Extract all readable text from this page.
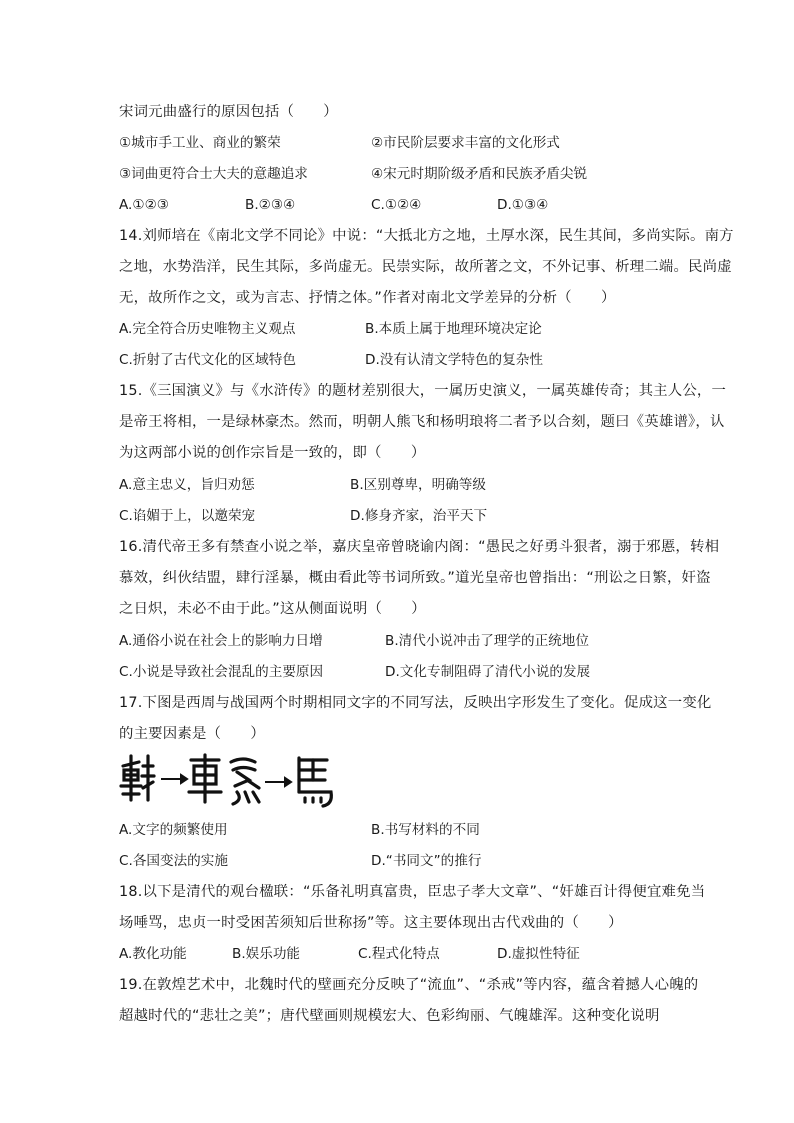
宋词元曲盛行的原因包括（　　）
①城市手工业、商业的繁荣	②市民阶层要求丰富的文化形式
③词曲更符合士大夫的意趣追求	④宋元时期阶级矛盾和民族矛盾尖锐
A.①②③	B.②③④	C.①②④	D.①③④
14.刘师培在《南北文学不同论》中说：“大抵北方之地，土厚水深，民生其间，多尚实际。南方
之地，水势浩洋，民生其际，多尚虚无。民崇实际，故所著之文，不外记事、析理二端。民尚虚
无，故所作之文，或为言志、抒情之体。”作者对南北文学差异的分析（　　）
A.完全符合历史唯物主义观点	B.本质上属于地理环境决定论
C.折射了古代文化的区域特色	D.没有认清文学特色的复杂性
15.《三国演义》与《水浒传》的题材差别很大，一属历史演义，一属英雄传奇；其主人公，一
是帝王将相，一是绿林豪杰。然而，明朝人熊飞和杨明琅将二者予以合刻，题曰《英雄谱》，认
为这两部小说的创作宗旨是一致的，即（　　）
A.意主忠义，旨归劝惩	B.区别尊卑，明确等级
C.谄媚于上，以邀荣宠	D.修身齐家，治平天下
16.清代帝王多有禁查小说之举，嘉庆皇帝曾晓谕内阁：“愚民之好勇斗狠者，溺于邪慝，转相
慕效，纠伙结盟，肆行淫暴，概由看此等书词所致。”道光皇帝也曾指出：“刑讼之日繁，奸盗
之日炽，未必不由于此。”这从侧面说明（　　）
A.通俗小说在社会上的影响力日增	B.清代小说冲击了理学的正统地位
C.小说是导致社会混乱的主要原因	D.文化专制阻碍了清代小说的发展
17.下图是西周与战国两个时期相同文字的不同写法，反映出字形发生了变化。促成这一变化
的主要因素是（　　）
A.文字的频繁使用	B.书写材料的不同
C.各国变法的实施	D.“书同文”的推行
18.以下是清代的观台楹联：“乐备礼明真富贵，臣忠子孝大文章”、“奸雄百计得便宜难免当
场唾骂，忠贞一时受困苦须知后世称扬”等。这主要体现出古代戏曲的（　　）
A.教化功能	B.娱乐功能	C.程式化特点	D.虚拟性特征
19.在敦煌艺术中，北魏时代的壁画充分反映了“流血”、“杀戒”等内容，蕴含着撼人心魄的
超越时代的“悲壮之美”；唐代壁画则规模宏大、色彩绚丽、气魄雄浑。这种变化说明
